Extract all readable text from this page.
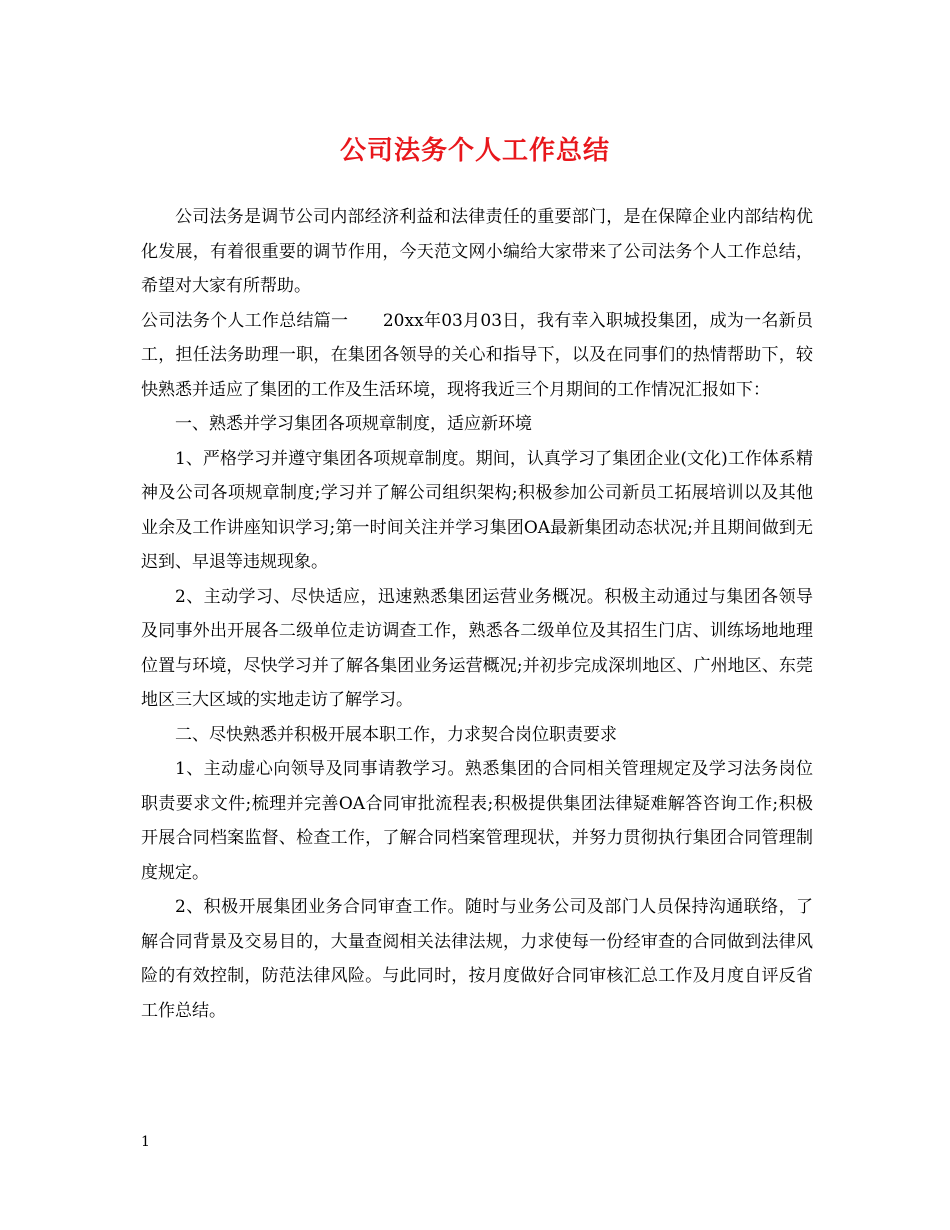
公司法务个人工作总结

公司法务是调节公司内部经济利益和法律责任的重要部门，是在保障企业内部结构优化发展，有着很重要的调节作用，今天范文网小编给大家带来了公司法务个人工作总结，希望对大家有所帮助。

公司法务个人工作总结篇一　　20xx年03月03日，我有幸入职城投集团，成为一名新员工，担任法务助理一职，在集团各领导的关心和指导下，以及在同事们的热情帮助下，较快熟悉并适应了集团的工作及生活环境，现将我近三个月期间的工作情况汇报如下：

一、熟悉并学习集团各项规章制度，适应新环境

1、严格学习并遵守集团各项规章制度。期间，认真学习了集团企业(文化)工作体系精神及公司各项规章制度;学习并了解公司组织架构;积极参加公司新员工拓展培训以及其他业余及工作讲座知识学习;第一时间关注并学习集团OA最新集团动态状况;并且期间做到无迟到、早退等违规现象。

2、主动学习、尽快适应，迅速熟悉集团运营业务概况。积极主动通过与集团各领导及同事外出开展各二级单位走访调查工作，熟悉各二级单位及其招生门店、训练场地地理位置与环境，尽快学习并了解各集团业务运营概况;并初步完成深圳地区、广州地区、东莞地区三大区域的实地走访了解学习。

二、尽快熟悉并积极开展本职工作，力求契合岗位职责要求

1、主动虚心向领导及同事请教学习。熟悉集团的合同相关管理规定及学习法务岗位职责要求文件;梳理并完善OA合同审批流程表;积极提供集团法律疑难解答咨询工作;积极开展合同档案监督、检查工作，了解合同档案管理现状，并努力贯彻执行集团合同管理制度规定。

2、积极开展集团业务合同审查工作。随时与业务公司及部门人员保持沟通联络，了解合同背景及交易目的，大量查阅相关法律法规，力求使每一份经审查的合同做到法律风险的有效控制，防范法律风险。与此同时，按月度做好合同审核汇总工作及月度自评反省工作总结。

1
